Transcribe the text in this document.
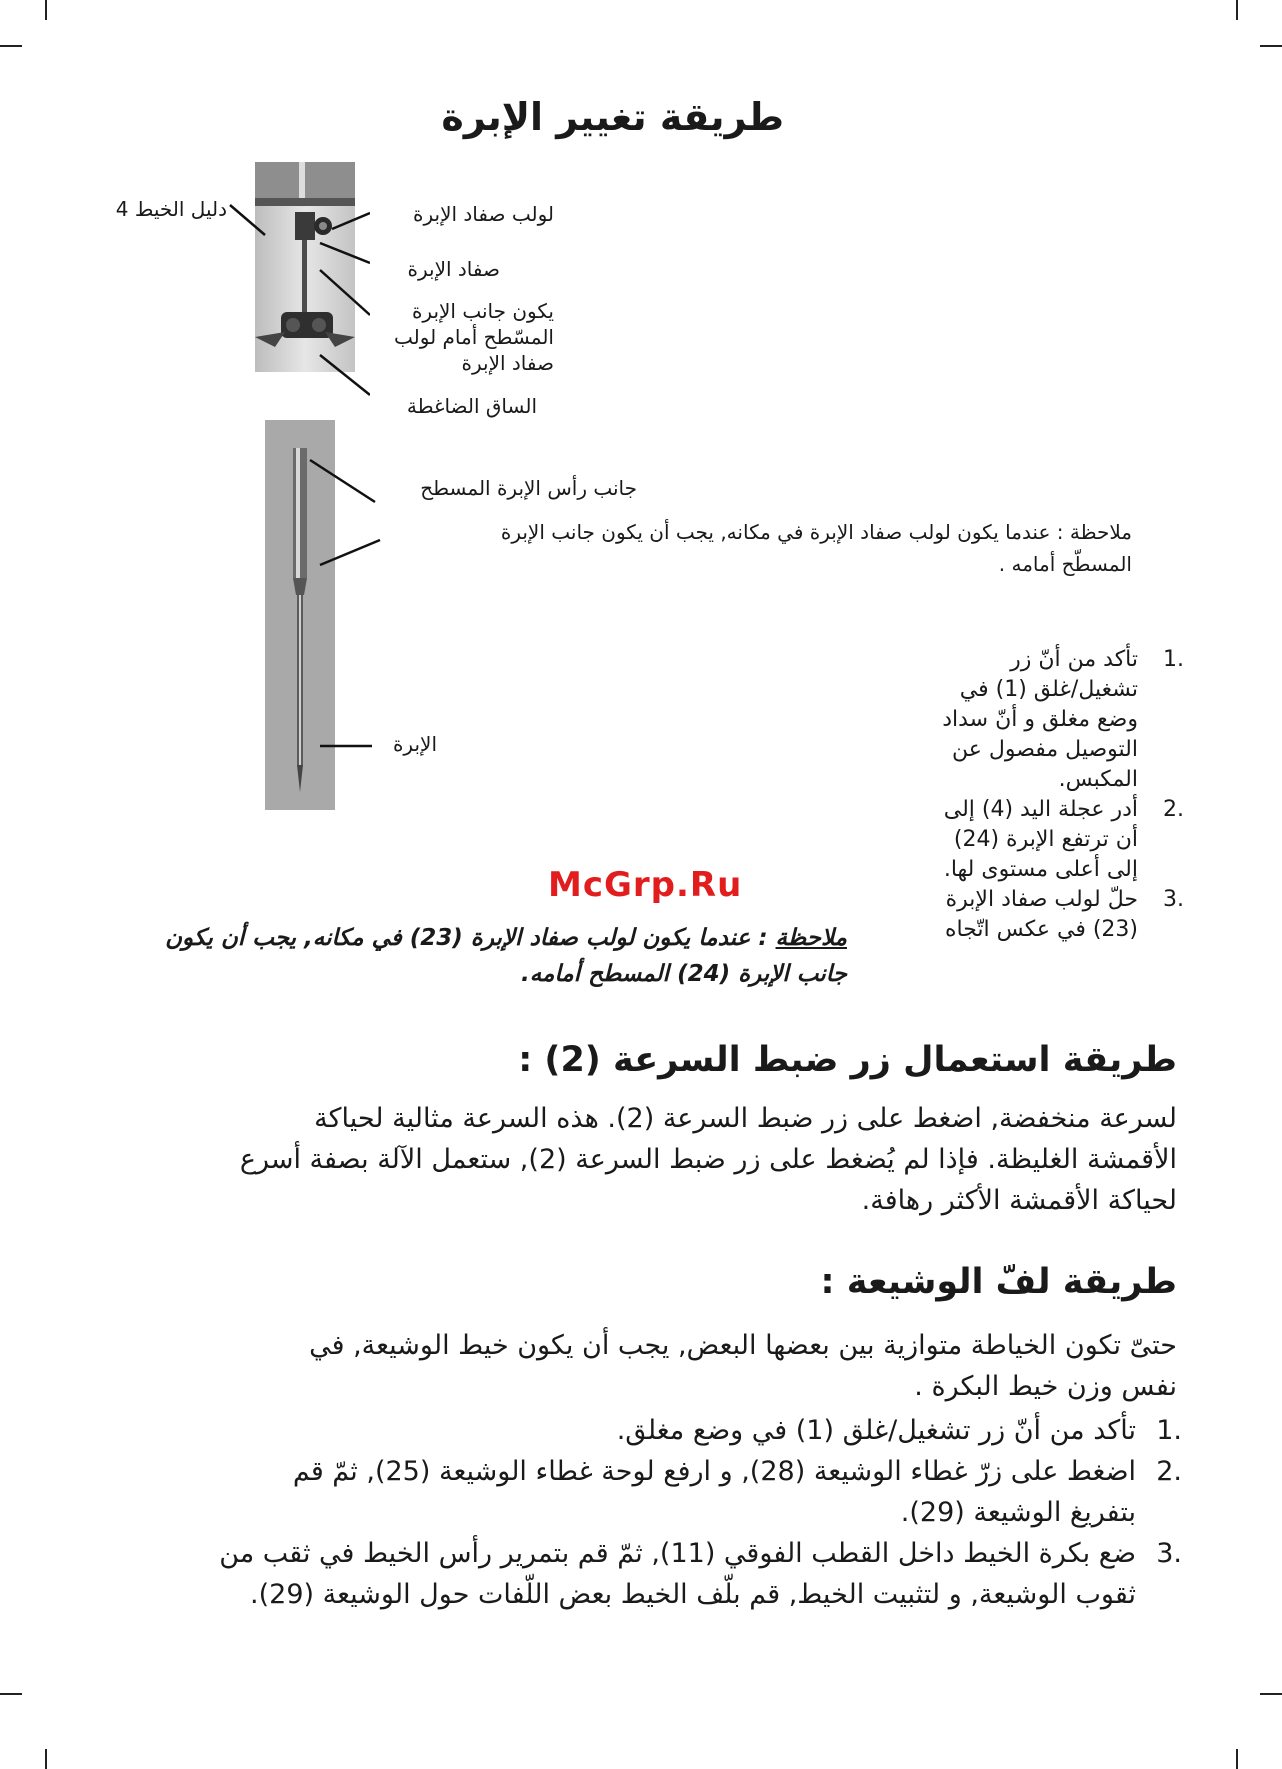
طريقة تغيير الإبرة
دليل الخيط 4	لولب صفاد الإبرة
صفاد الإبرة
يكون جانب الإبرة
المسّطح أمام لولب
صفاد الإبرة
الساق الضاغطة
جانب رأس الإبرة المسطح
ملاحظة : عندما يكون لولب صفاد الإبرة في مكانه, يجب أن يكون جانب الإبرة
المسطّح أمامه .
الإبرة
1.
تأكد من أنّ زر
تشغيل/غلق (1) في
وضع مغلق و أنّ سداد
التوصيل مفصول عن
المكبس.
2.
أدر عجلة اليد (4) إلى
أن ترتفع الإبرة (24)
إلى أعلى مستوى لها.
3.
حلّ لولب صفاد الإبرة
(23) في عكس اتّجاه
McGrp.Ru
ملاحظة : عندما يكون لولب صفاد الإبرة (23) في مكانه, يجب أن يكون
جانب الإبرة (24) المسطح أمامه.
طريقة استعمال زر ضبط السرعة (2) :
لسرعة منخفضة, اضغط على زر ضبط السرعة (2). هذه السرعة مثالية لحياكة
الأقمشة الغليظة. فإذا لم يُضغط على زر ضبط السرعة (2), ستعمل الآلة بصفة أسرع
لحياكة الأقمشة الأكثر رهافة.
طريقة لفّ الوشيعة :
حتىّ تكون الخياطة متوازية بين بعضها البعض, يجب أن يكون خيط الوشيعة, في
نفس وزن خيط البكرة .
1.
تأكد من أنّ زر تشغيل/غلق (1) في وضع مغلق.
2.
اضغط على زرّ غطاء الوشيعة (28), و ارفع لوحة غطاء الوشيعة (25), ثمّ قم
بتفريغ الوشيعة (29).
3.
ضع بكرة الخيط داخل القطب الفوقي (11), ثمّ قم بتمرير رأس الخيط في ثقب من
ثقوب الوشيعة, و لتثبيت الخيط, قم بلّف الخيط بعض اللّفات حول الوشيعة (29).
